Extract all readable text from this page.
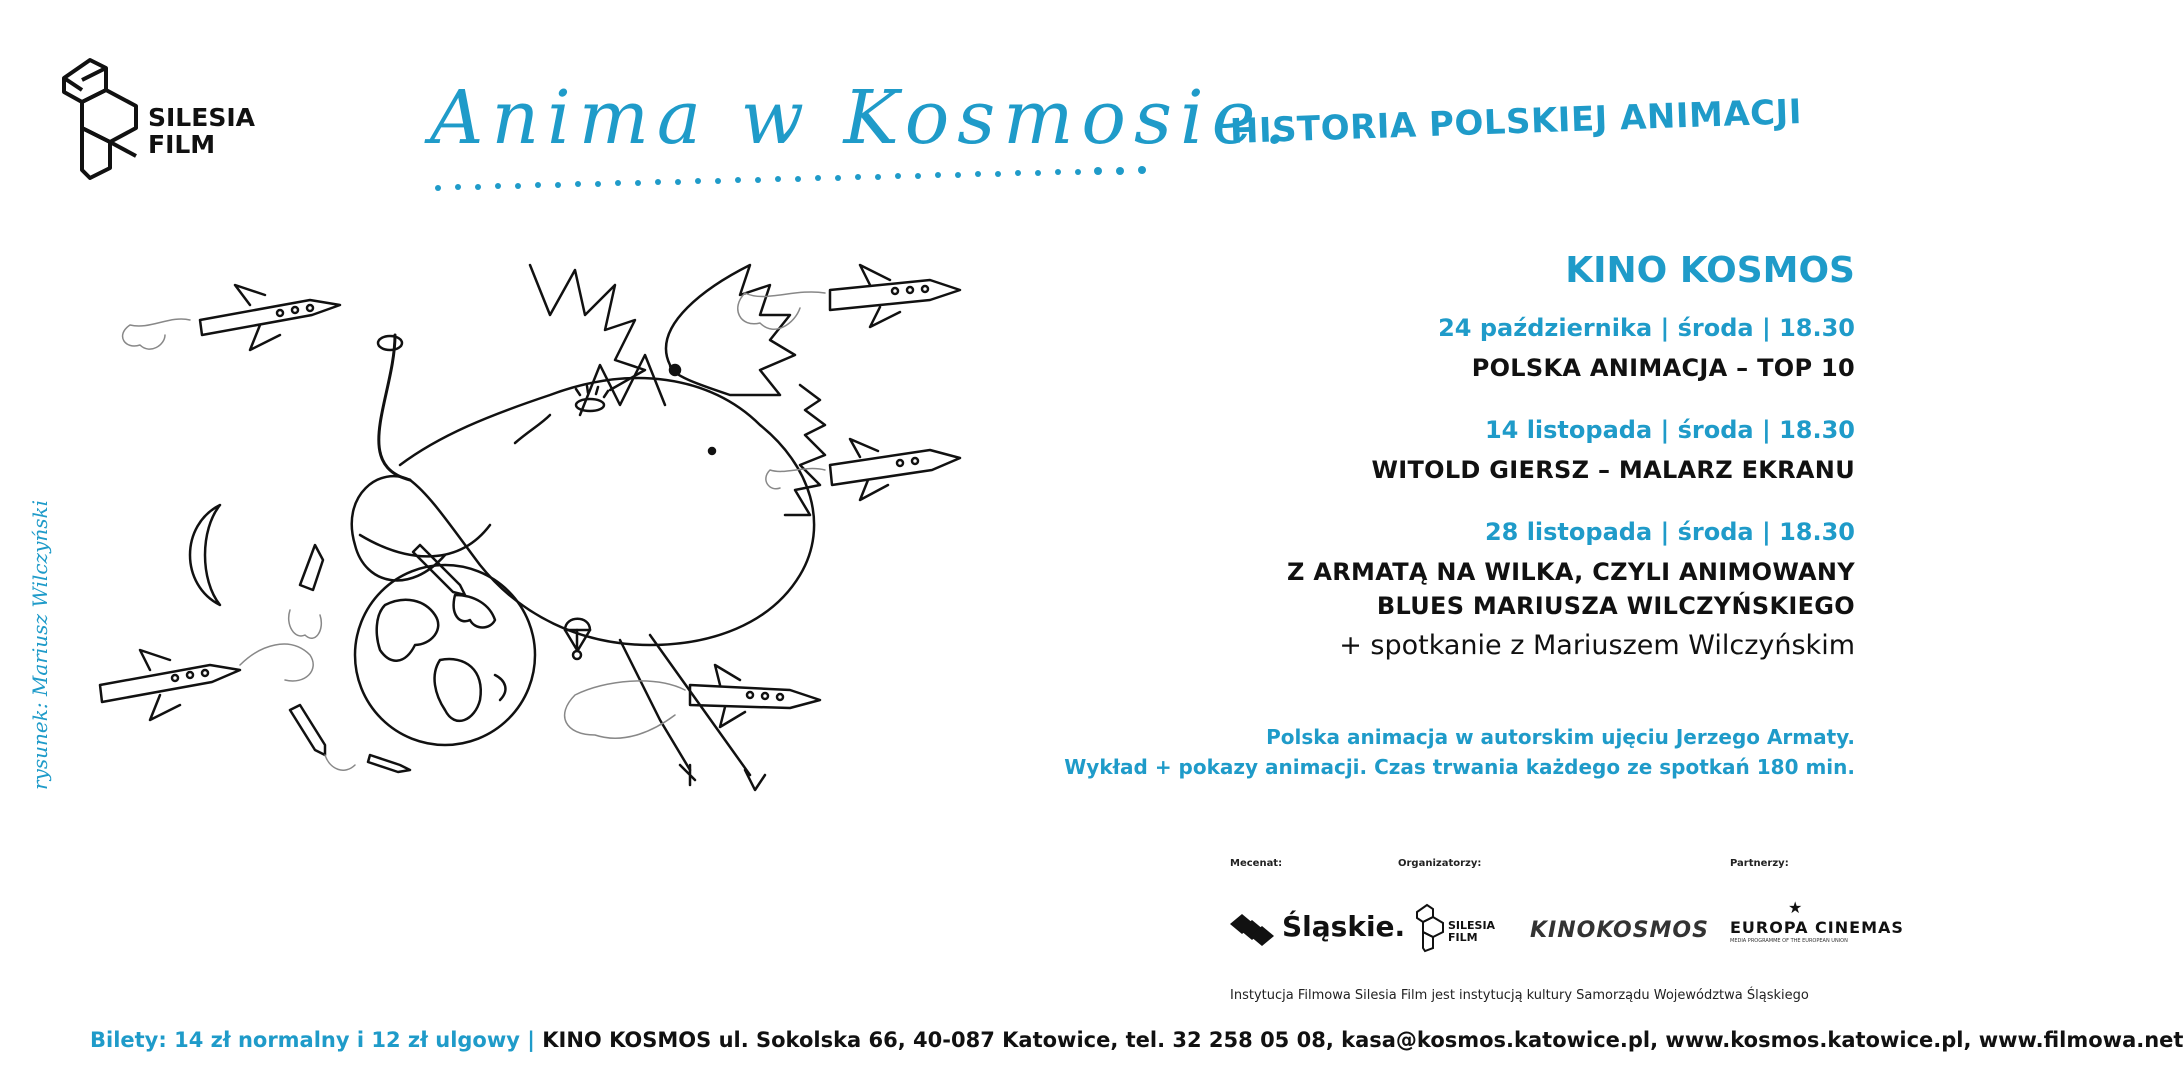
SILESIA
FILM	Anima w Kosmosie.
HISTORIA POLSKIEJ ANIMACJI
KINO KOSMOS
24 października | środa | 18.30
POLSKA ANIMACJA – TOP 10
14 listopada | środa | 18.30
WITOLD GIERSZ – MALARZ EKRANU
28 listopada | środa | 18.30
Z ARMATĄ NA WILKA, CZYLI ANIMOWANY
BLUES MARIUSZA WILCZYŃSKIEGO
+ spotkanie z Mariuszem Wilczyńskim
Polska animacja w autorskim ujęciu Jerzego Armaty.
Wykład + pokazy animacji. Czas trwania każdego ze spotkań 180 min.
Mecenat:	Organizatorzy:	Partnerzy:
Śląskie.	SILESIA
FILM	KINOKOSMOS
★
EUROPA CINEMAS
MEDIA PROGRAMME OF THE EUROPEAN UNION
Instytucja Filmowa Silesia Film jest instytucją kultury Samorządu Województwa Śląskiego
rysunek: Mariusz Wilczyński
Bilety: 14 zł normalny i 12 zł ulgowy | KINO KOSMOS ul. Sokolska 66, 40-087 Katowice, tel. 32 258 05 08, kasa@kosmos.katowice.pl, www.kosmos.katowice.pl, www.filmowa.net
